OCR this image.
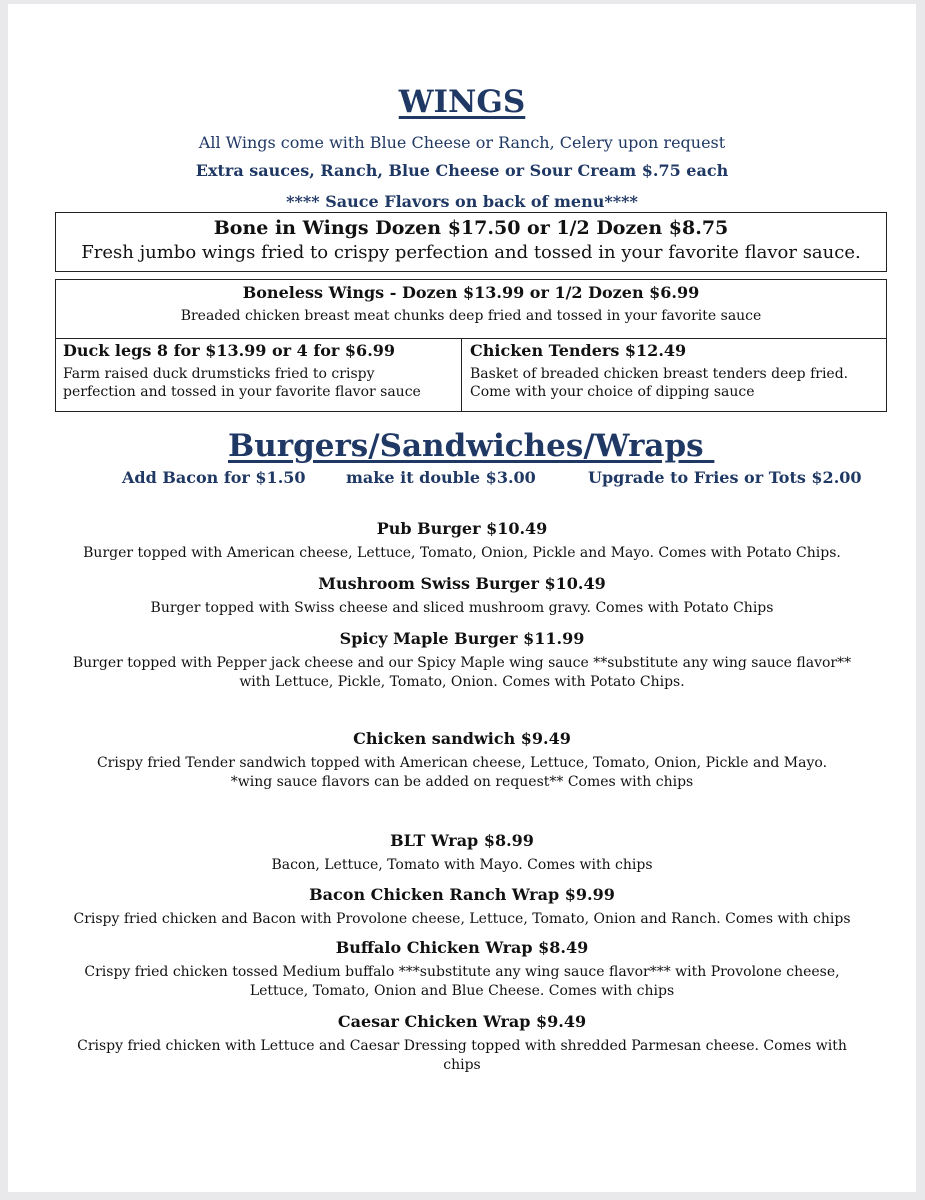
WINGS
All Wings come with Blue Cheese or Ranch, Celery upon request
Extra sauces, Ranch, Blue Cheese or Sour Cream $.75 each
**** Sauce Flavors on back of menu****
Bone in Wings Dozen $17.50 or 1/2 Dozen $8.75
Fresh jumbo wings fried to crispy perfection and tossed in your favorite flavor sauce.
Boneless Wings - Dozen $13.99 or 1/2 Dozen $6.99
Breaded chicken breast meat chunks deep fried and tossed in your favorite sauce
Duck legs 8 for $13.99 or 4 for $6.99
Farm raised duck drumsticks fried to crispy
perfection and tossed in your favorite flavor sauce
Chicken Tenders $12.49
Basket of breaded chicken breast tenders deep fried.
Come with your choice of dipping sauce
Burgers/Sandwiches/Wraps
Add Bacon for $1.50	make it double $3.00	Upgrade to Fries or Tots $2.00
Pub Burger $10.49
Burger topped with American cheese, Lettuce, Tomato, Onion, Pickle and Mayo. Comes with Potato Chips.
Mushroom Swiss Burger $10.49
Burger topped with Swiss cheese and sliced mushroom gravy. Comes with Potato Chips
Spicy Maple Burger $11.99
Burger topped with Pepper jack cheese and our Spicy Maple wing sauce **substitute any wing sauce flavor**
with Lettuce, Pickle, Tomato, Onion. Comes with Potato Chips.
Chicken sandwich $9.49
Crispy fried Tender sandwich topped with American cheese, Lettuce, Tomato, Onion, Pickle and Mayo.
*wing sauce flavors can be added on request** Comes with chips
BLT Wrap $8.99
Bacon, Lettuce, Tomato with Mayo. Comes with chips
Bacon Chicken Ranch Wrap $9.99
Crispy fried chicken and Bacon with Provolone cheese, Lettuce, Tomato, Onion and Ranch. Comes with chips
Buffalo Chicken Wrap $8.49
Crispy fried chicken tossed Medium buffalo ***substitute any wing sauce flavor*** with Provolone cheese,
Lettuce, Tomato, Onion and Blue Cheese. Comes with chips
Caesar Chicken Wrap $9.49
Crispy fried chicken with Lettuce and Caesar Dressing topped with shredded Parmesan cheese. Comes with
chips
